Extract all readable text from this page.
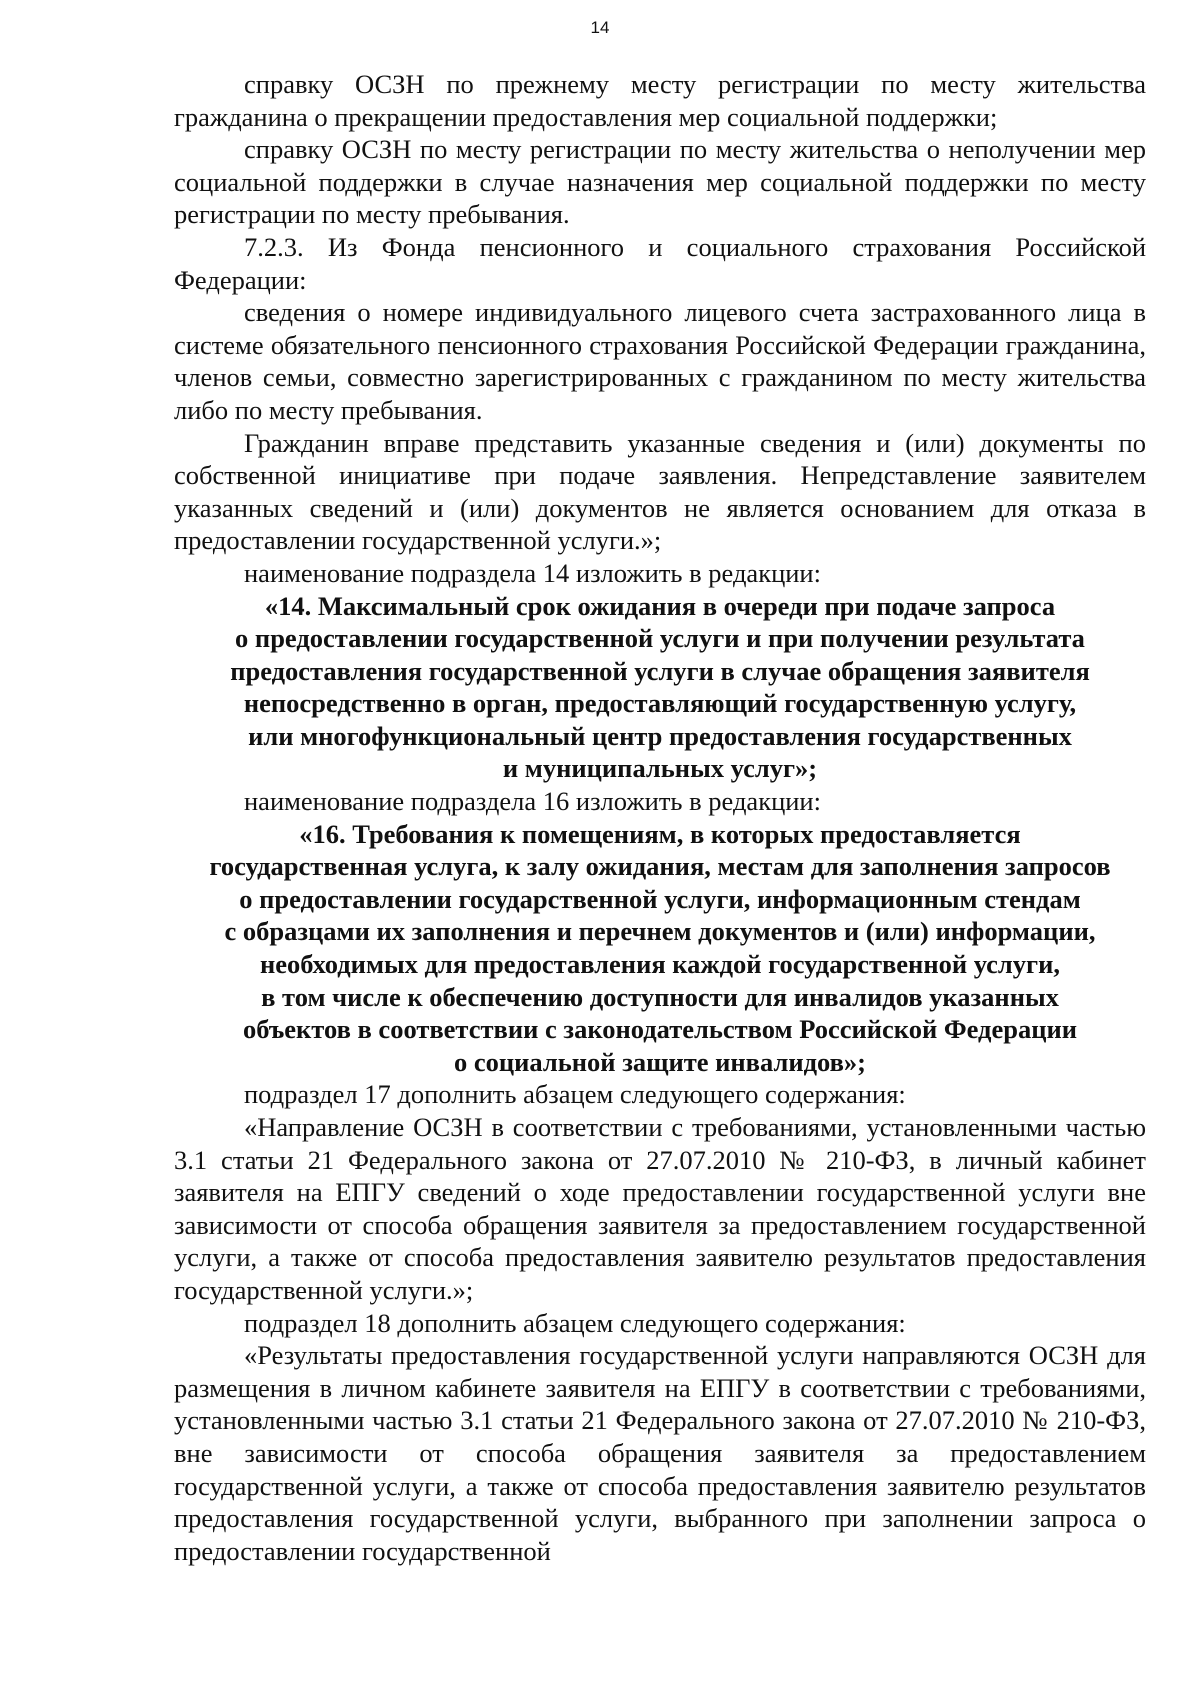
14

справку ОСЗН по прежнему месту регистрации по месту жительства гражданина о прекращении предоставления мер социальной поддержки;

справку ОСЗН по месту регистрации по месту жительства о неполучении мер социальной поддержки в случае назначения мер социальной поддержки по месту регистрации по месту пребывания.

7.2.3. Из Фонда пенсионного и социального страхования Российской Федерации:

сведения о номере индивидуального лицевого счета застрахованного лица в системе обязательного пенсионного страхования Российской Федерации гражданина, членов семьи, совместно зарегистрированных с гражданином по месту жительства либо по месту пребывания.

Гражданин вправе представить указанные сведения и (или) документы по собственной инициативе при подаче заявления. Непредставление заявителем указанных сведений и (или) документов не является основанием для отказа в предоставлении государственной услуги.»;

наименование подраздела 14 изложить в редакции:

«14. Максимальный срок ожидания в очереди при подаче запроса
о предоставлении государственной услуги и при получении результата
предоставления государственной услуги в случае обращения заявителя
непосредственно в орган, предоставляющий государственную услугу,
или многофункциональный центр предоставления государственных
и муниципальных услуг»;

наименование подраздела 16 изложить в редакции:

«16. Требования к помещениям, в которых предоставляется
государственная услуга, к залу ожидания, местам для заполнения запросов
о предоставлении государственной услуги, информационным стендам
с образцами их заполнения и перечнем документов и (или) информации,
необходимых для предоставления каждой государственной услуги,
в том числе к обеспечению доступности для инвалидов указанных
объектов в соответствии с законодательством Российской Федерации
о социальной защите инвалидов»;

подраздел 17 дополнить абзацем следующего содержания:

«Направление ОСЗН в соответствии с требованиями, установленными частью 3.1 статьи 21 Федерального закона от 27.07.2010 № 210-ФЗ, в личный кабинет заявителя на ЕПГУ сведений о ходе предоставлении государственной услуги вне зависимости от способа обращения заявителя за предоставлением государственной услуги, а также от способа предоставления заявителю результатов предоставления государственной услуги.»;

подраздел 18 дополнить абзацем следующего содержания:

«Результаты предоставления государственной услуги направляются ОСЗН для размещения в личном кабинете заявителя на ЕПГУ в соответствии с требованиями, установленными частью 3.1 статьи 21 Федерального закона от 27.07.2010 № 210-ФЗ, вне зависимости от способа обращения заявителя за предоставлением государственной услуги, а также от способа предоставления заявителю результатов предоставления государственной услуги, выбранного при заполнении запроса о предоставлении государственной
